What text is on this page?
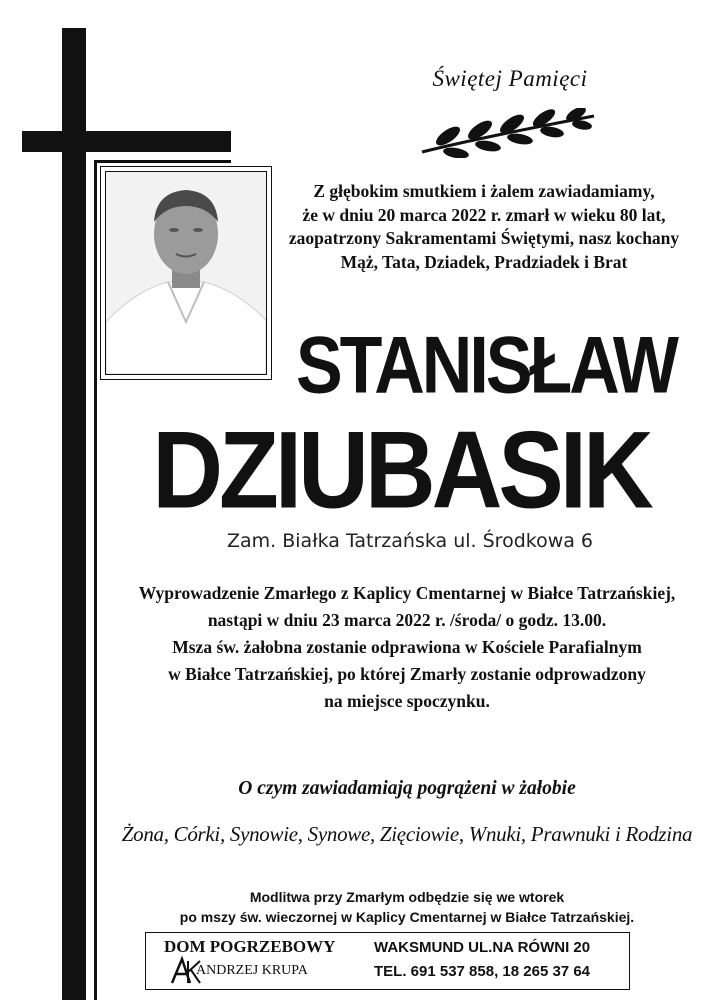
Świętej Pamięci
Z głębokim smutkiem i żalem zawiadamiamy,
że w dniu 20 marca 2022 r. zmarł w wieku 80 lat,
zaopatrzony Sakramentami Świętymi, nasz kochany
Mąż, Tata, Dziadek, Pradziadek i Brat
STANISŁAW
DZIUBASIK
Zam. Białka Tatrzańska ul. Środkowa 6
Wyprowadzenie Zmarłego z Kaplicy Cmentarnej w Białce Tatrzańskiej,
nastąpi w dniu 23 marca 2022 r. /środa/ o godz. 13.00.
Msza św. żałobna zostanie odprawiona w Kościele Parafialnym
w Białce Tatrzańskiej, po której Zmarły zostanie odprowadzony
na miejsce spoczynku.
O czym zawiadamiają pogrążeni w żałobie
Żona, Córki, Synowie, Synowe, Zięciowie, Wnuki, Prawnuki i Rodzina
Modlitwa przy Zmarłym odbędzie się we wtorek
po mszy św. wieczornej w Kaplicy Cmentarnej w Białce Tatrzańskiej.
DOM POGRZEBOWY
ANDRZEJ KRUPA
WAKSMUND UL.NA RÓWNI 20
TEL. 691 537 858, 18 265 37 64
